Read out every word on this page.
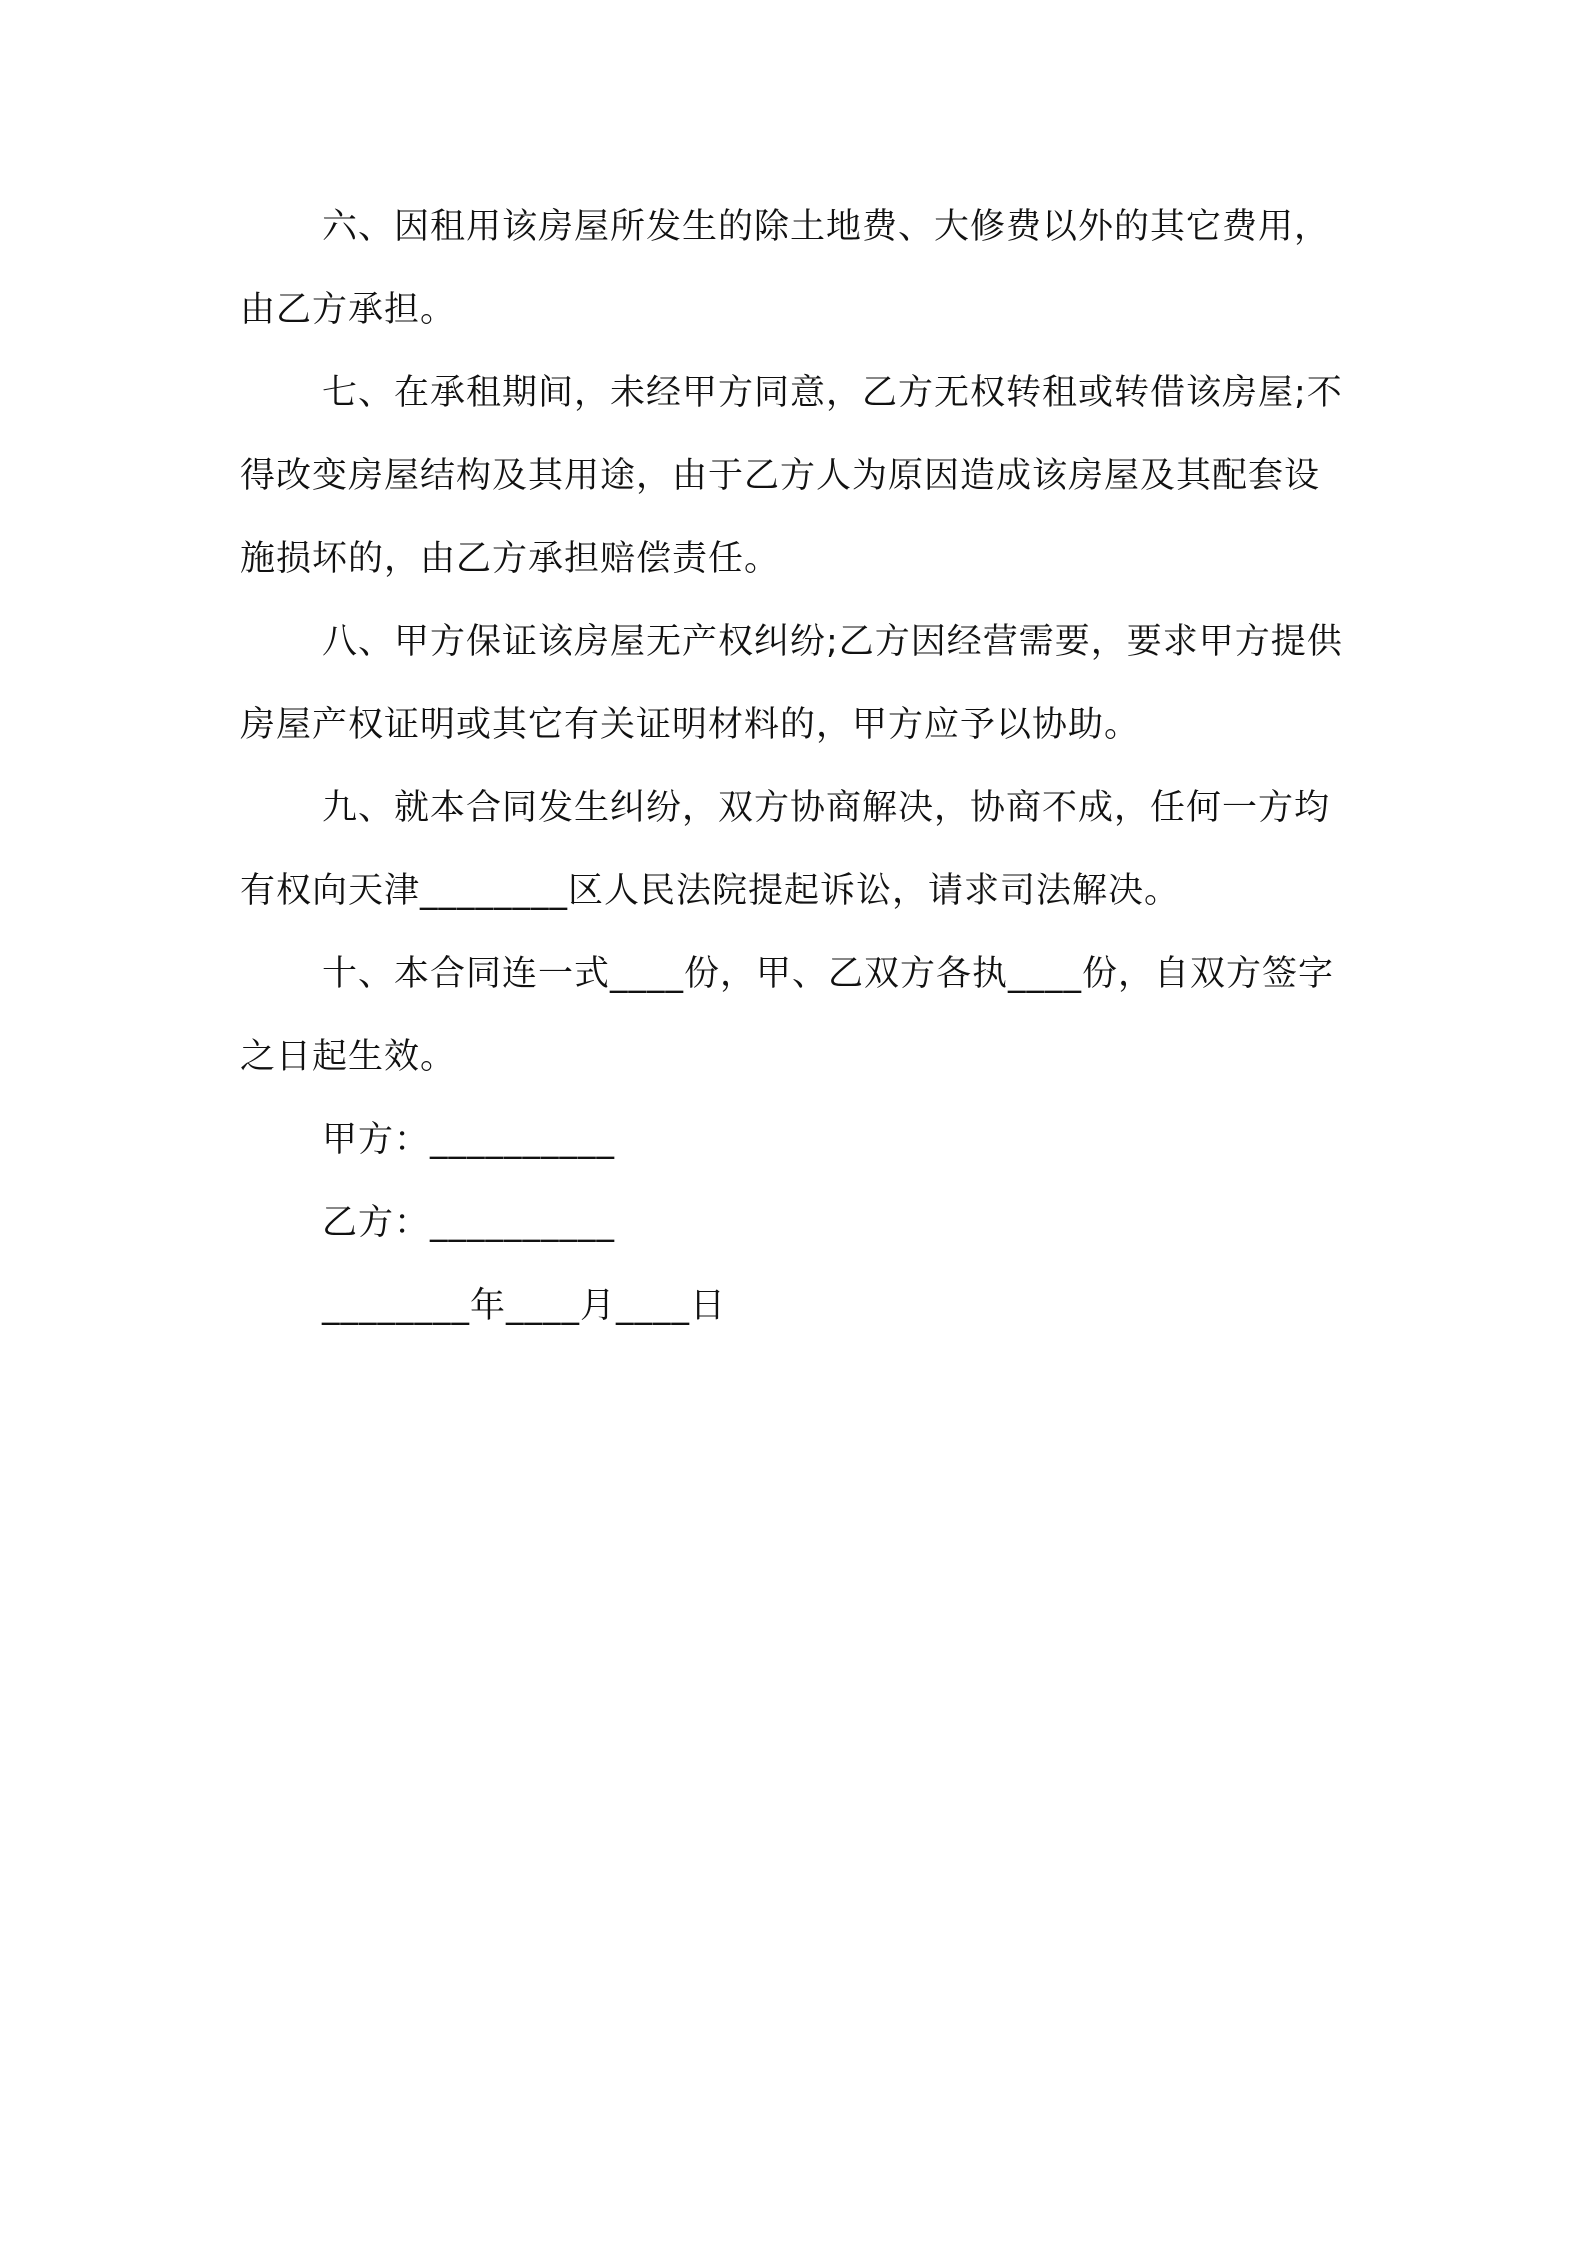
六、因租用该房屋所发生的除土地费、大修费以外的其它费用，由乙方承担。

七、在承租期间，未经甲方同意，乙方无权转租或转借该房屋;不得改变房屋结构及其用途，由于乙方人为原因造成该房屋及其配套设施损坏的，由乙方承担赔偿责任。

八、甲方保证该房屋无产权纠纷;乙方因经营需要，要求甲方提供房屋产权证明或其它有关证明材料的，甲方应予以协助。

九、就本合同发生纠纷，双方协商解决，协商不成，任何一方均有权向天津________区人民法院提起诉讼，请求司法解决。

十、本合同连一式____份，甲、乙双方各执____份，自双方签字之日起生效。

甲方：__________

乙方：__________

________年____月____日
